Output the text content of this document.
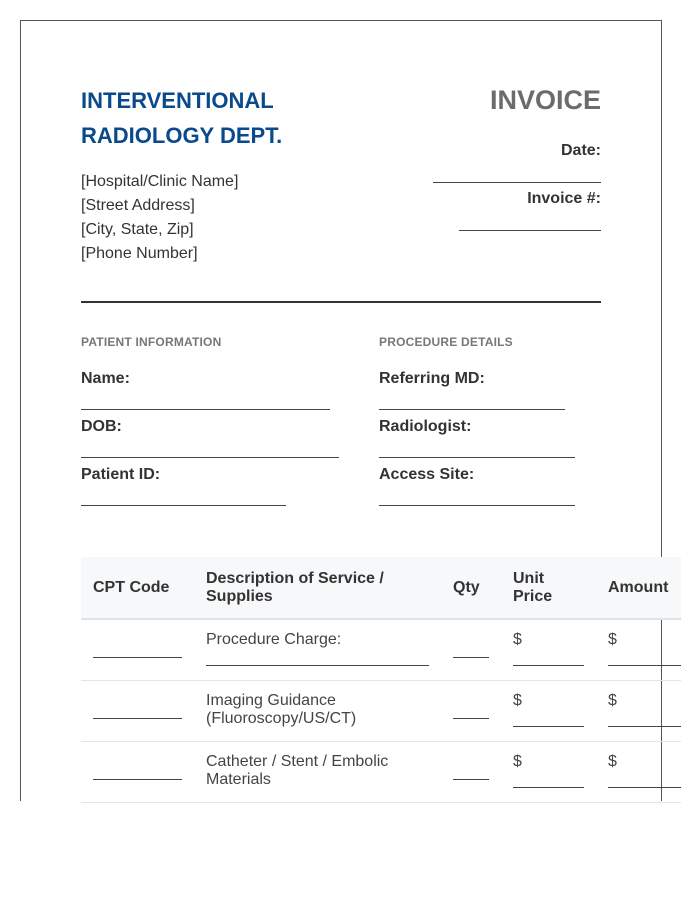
INTERVENTIONAL
RADIOLOGY DEPT.
INVOICE
Date:
Invoice #:
[Hospital/Clinic Name]
[Street Address]
[City, State, Zip]
[Phone Number]
PATIENT INFORMATION
Name:
DOB:
Patient ID:
PROCEDURE DETAILS
Referring MD:
Radiologist:
Access Site:
CPT Code	Description of Service / Supplies	Qty	Unit Price	Amount

	Procedure Charge:		$	$

	Imaging Guidance (Fluoroscopy/US/CT)		$	$

	Catheter / Stent / Embolic Materials		$	$
